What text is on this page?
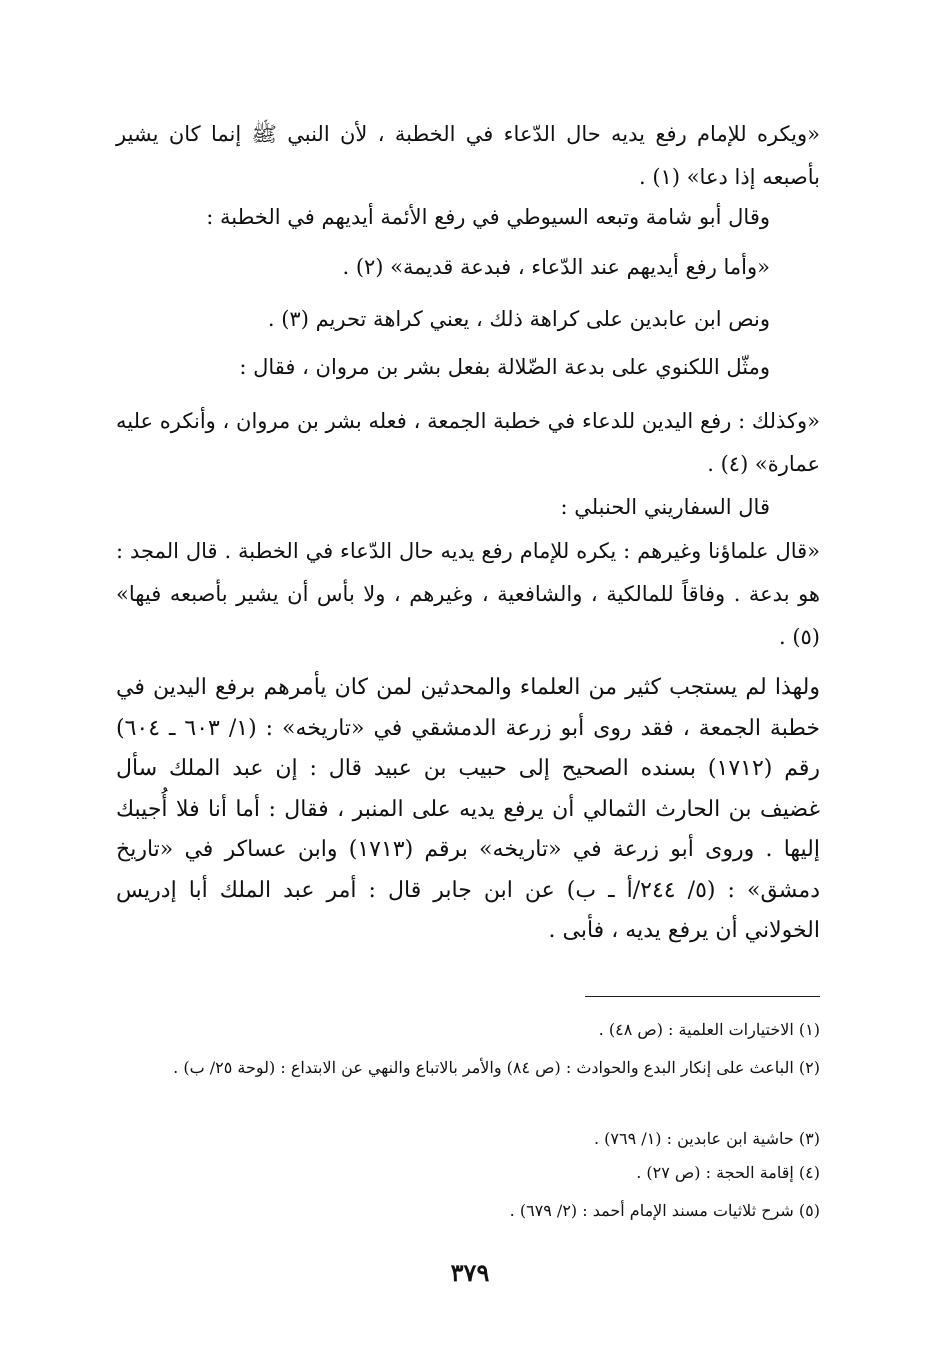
«ويكره للإمام رفع يديه حال الدّعاء في الخطبة ، لأن النبي ﷺ إنما كان يشير بأصبعه إذا دعا» (١) .

وقال أبو شامة وتبعه السيوطي في رفع الأئمة أيديهم في الخطبة :

«وأما رفع أيديهم عند الدّعاء ، فبدعة قديمة» (٢) .

ونص ابن عابدين على كراهة ذلك ، يعني كراهة تحريم (٣) .

ومثّل اللكنوي على بدعة الضّلالة بفعل بشر بن مروان ، فقال :

«وكذلك : رفع اليدين للدعاء في خطبة الجمعة ، فعله بشر بن مروان ، وأنكره عليه عمارة» (٤) .

قال السفاريني الحنبلي :

«قال علماؤنا وغيرهم : يكره للإمام رفع يديه حال الدّعاء في الخطبة . قال المجد : هو بدعة . وفاقاً للمالكية ، والشافعية ، وغيرهم ، ولا بأس أن يشير بأصبعه فيها» (٥) .

ولهذا لم يستجب كثير من العلماء والمحدثين لمن كان يأمرهم برفع اليدين في خطبة الجمعة ، فقد روى أبو زرعة الدمشقي في «تاريخه» : (١/ ٦٠٣ ـ ٦٠٤) رقم (١٧١٢) بسنده الصحيح إلى حبيب بن عبيد قال : إن عبد الملك سأل غضيف بن الحارث الثمالي أن يرفع يديه على المنبر ، فقال : أما أنا فلا أُجيبك إليها . وروى أبو زرعة في «تاريخه» برقم (١٧١٣) وابن عساكر في «تاريخ دمشق» : (٥/ ٢٤٤/أ ـ ب) عن ابن جابر قال : أمر عبد الملك أبا إدريس الخولاني أن يرفع يديه ، فأبى .

(١) الاختيارات العلمية : (ص ٤٨) .

(٢) الباعث على إنكار البدع والحوادث : (ص ٨٤) والأمر بالاتباع والنهي عن الابتداع : (لوحة ٢٥/ ب) .

(٣) حاشية ابن عابدين : (١/ ٧٦٩) .

(٤) إقامة الحجة : (ص ٢٧) .

(٥) شرح ثلاثيات مسند الإمام أحمد : (٢/ ٦٧٩) .

٣٧٩
